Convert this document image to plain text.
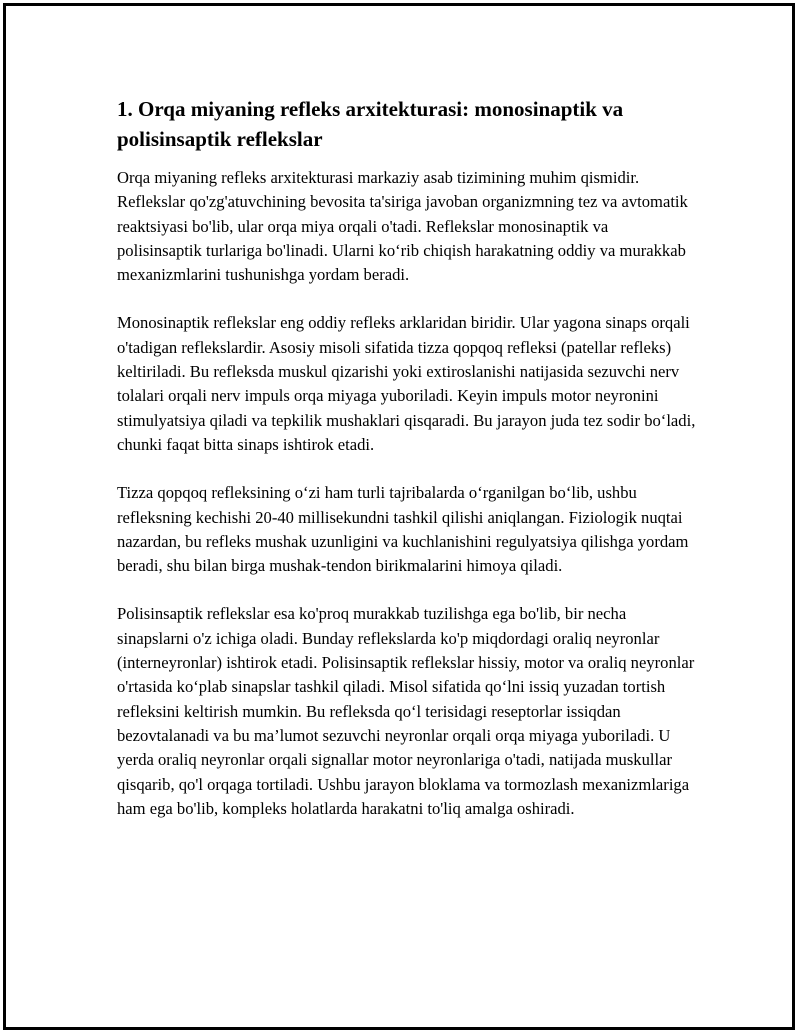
1. Orqa miyaning refleks arxitekturasi: monosinaptik va polisinsaptik reflekslar

Orqa miyaning refleks arxitekturasi markaziy asab tizimining muhim qismidir. Reflekslar qo'zg'atuvchining bevosita ta'siriga javoban organizmning tez va avtomatik reaktsiyasi bo'lib, ular orqa miya orqali o'tadi. Reflekslar monosinaptik va polisinsaptik turlariga bo'linadi. Ularni ko‘rib chiqish harakatning oddiy va murakkab mexanizmlarini tushunishga yordam beradi.

Monosinaptik reflekslar eng oddiy refleks arklaridan biridir. Ular yagona sinaps orqali o'tadigan reflekslardir. Asosiy misoli sifatida tizza qopqoq refleksi (patellar refleks) keltiriladi. Bu refleksda muskul qizarishi yoki extiroslanishi natijasida sezuvchi nerv tolalari orqali nerv impuls orqa miyaga yuboriladi. Keyin impuls motor neyronini stimulyatsiya qiladi va tepkilik mushaklari qisqaradi. Bu jarayon juda tez sodir bo‘ladi, chunki faqat bitta sinaps ishtirok etadi.

Tizza qopqoq refleksining o‘zi ham turli tajribalarda o‘rganilgan bo‘lib, ushbu refleksning kechishi 20-40 millisekundni tashkil qilishi aniqlangan. Fiziologik nuqtai nazardan, bu refleks mushak uzunligini va kuchlanishini regulyatsiya qilishga yordam beradi, shu bilan birga mushak-tendon birikmalarini himoya qiladi.

Polisinsaptik reflekslar esa ko'proq murakkab tuzilishga ega bo'lib, bir necha sinapslarni o'z ichiga oladi. Bunday reflekslarda ko'p miqdordagi oraliq neyronlar (interneyronlar) ishtirok etadi. Polisinsaptik reflekslar hissiy, motor va oraliq neyronlar o'rtasida ko‘plab sinapslar tashkil qiladi. Misol sifatida qo‘lni issiq yuzadan tortish refleksini keltirish mumkin. Bu refleksda qo‘l terisidagi reseptorlar issiqdan bezovtalanadi va bu ma’lumot sezuvchi neyronlar orqali orqa miyaga yuboriladi. U yerda oraliq neyronlar orqali signallar motor neyronlariga o'tadi, natijada muskullar qisqarib, qo'l orqaga tortiladi. Ushbu jarayon bloklama va tormozlash mexanizmlariga ham ega bo'lib, kompleks holatlarda harakatni to'liq amalga oshiradi.
